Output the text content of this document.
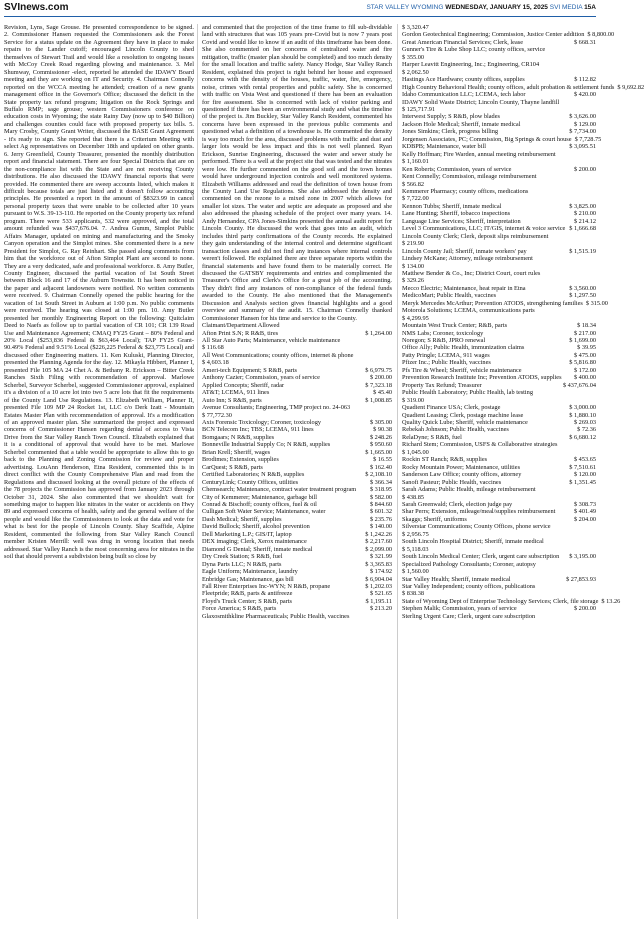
SVInews.com	STAR VALLEY WYOMING WEDNESDAY, JANUARY 15, 2025 SVI MEDIA 15A

Revision, Lyns, Sage Grouse. He presented correspondence to be signed. 2. Commissioner Hansen requested the Commissioners ask the Forest Service for a status update on the Agreement they have in place to make repairs to the Lander cutoff; encouraged Lincoln County to shed themselves of Stewart Trail and would like a resolution to ongoing issues with McCoy Creek Road regarding plowing and maintenance. 3. Mel Shumway, Commissioner -elect, reported he attended the IDAWY Board meeting and they are working on IT and Security. 4. Chairman Connelly reported on the WCCA meeting he attended; creation of a new grants management office in the Governor's Office; discussed the deficit in the State property tax refund program; litigation on the Rock Springs and Buffalo RMP; sage grouse; western Commissioners conference on education costs in Wyoming; the state Rainy Day (now up to $40 Billion) and challenges counties could face with proposed property tax bills. 5. Mary Crosby, County Grant Writer, discussed the BASE Grant Agreement - it's ready to sign. She reported that there is a Criterium Meeting with select Ag representatives on December 18th and updated on other grants. 6. Jerry Greenfield, County Treasurer, presented the monthly distribution report and financial statement. There are four Special Districts that are on the non-compliance list with the State and are not receiving County distributions. He also discussed the IDAWY financial reports that were provided. He commented there are sweep accounts listed, which makes it difficult because totals are just listed and it doesn't follow accounting principles. He presented a report in the amount of $8323.99 in cancel personal property taxes that were unable to be collected after 10 years pursuant to W.S. 39-13-110. He reported on the County property tax refund program. There were 533 applicants, 532 were approved, and the total amount refunded was $437,676.04. 7. Andrea Gumm, Simplot Public Affairs Manager, updated on mining and manufacturing and the Smoky Canyon operation and the Simplot mines. She commented there is a new President for Simplot, G. Ray Reinhart. She passed along comments from him that the workforce out of Afton Simplot Plant are second to none. They are a very dedicated, safe and professional workforce. 8. Amy Butler, County Engineer, discussed the partial vacation of 1st South Street between Block 16 and 17 of the Auburn Townsite. It has been noticed in the paper and adjacent landowners were notified. No written comments were received. 9. Chairman Connelly opened the public hearing for the vacation of 1st South Street in Auburn at 1:00 p.m. No public comments were received. The hearing was closed at 1:00 pm. 10. Amy Butler presented her monthly Engineering Report on the following: Quitclaim Deed to Naefs as follow up to partial vacation of CR 101; CR 139 Road Use and Maintenance Agreement; CMAQ FY25 Grant – 80% Federal and 20% Local ($253,836 Federal & $63,464 Local); TAP FY25 Grant- 90.49% Federal and 9.51% Local ($226,225 Federal & $23,775 Local) and discussed other Engineering matters. 11. Ken Kuluski, Planning Director, presented the Planning Agenda for the day. 12. Mikayla Hibbert, Planner I, presented File 105 MA 24 Chet A. & Bethany R. Erickson – Bitter Creek Ranches Sixth Filing with recommendation of approval. Marlowe Scherbel, Surveyor Scherbel, suggested Commissioner approval, explained it's a division of a 10 acre lot into two 5 acre lots that fit the requirements of the County Land Use Regulations. 13. Elizabeth William, Planner II, presented File 109 MP 24 Rocket 1st, LLC c/o Derk Izatt - Mountain Estates Master Plan with recommendation of approval. It's a modification of an approved master plan. She summarized the project and expressed concerns of Commissioner Hansen regarding denial of access to Vista Drive from the Star Valley Ranch Town Council. Elizabeth explained that it is a conditional of approval that would have to be met. Marlowe Scherbel commented that a table would be appropriate to allow this to go back to the Planning and Zoning Commission for review and proper advertising. LouAnn Henderson, Etna Resident, commented this is in direct conflict with the County Comprehensive Plan and read from the Regulations and discussed looking at the overall picture of the effects of the 78 projects the Commission has approved from January 2023 through October 31, 2024. She also commented that we shouldn't wait for something major to happen like nitrates in the water or accidents on Hwy 89 and expressed concerns of health, safety and the general welfare of the people and would like the Commissioners to look at the data and vote for what is best for the people of Lincoln County. Shay Scaffide, Alpine Resident, commented the following from Star Valley Ranch Council member Kristen Merrill: well was drug in wrong location that needs addressed. Star Valley Ranch is the most concerning area for nitrates in the soil that should prevent a subdivision being built so close by

and commented that the projection of the time frame to fill sub-dividable land with structures that was 105 years pre-Covid but is now 7 years post Covid and would like to know if an audit of this timeframe has been done. She also commented on her concerns of centralized water and fire mitigation, traffic (master plan should be completed) and too much density for the small location and traffic safety. Nancy Hodge, Star Valley Ranch Resident, explained this project is right behind her house and expressed concerns with the density of the houses, traffic, water, fire, emergency, noise, crimes with rental properties and public safety. She is concerned with traffic on Vista West and questioned if there has been an evaluation for fire assessment. She is concerned with lack of visitor parking and questioned if there has been an environmental study and what the timeline of the project is. Jim Buckley, Star Valley Ranch Resident, commented his concerns have been expressed in the previous public comments and questioned what a definition of a townhouse is. He commented the density is way too much for the area, discussed problems with traffic and dust and larger lots would be less impact and this is not well planned. Ryan Erickson, Sunrise Engineering, discussed the water and sewer study he performed. There is a well at the project site that was tested and the nitrates were low. He further commented on the good soil and the town homes would have underground injection controls and well monitored systems. Elizabeth Williams addressed and read the definition of town house from the County Land Use Regulations. She also addressed the density and commented on the rezone to a mixed zone in 2007 which allows for smaller lot sizes. The water and septic are adequate as proposed and she also addressed the phasing schedule of the project over many years. 14. Andy Hernandez, CPA Jones-Simkins presented the annual audit report for Lincoln County. He discussed the work that goes into an audit, which includes third party confirmations of the County records. He explained they gain understanding of the internal control and determine significant transaction classes and did not find any instances where internal controls weren't followed. He explained there are three separate reports within the financial statements and have found them to be materially correct. He discussed the GATSBY requirements and entries and complimented the Treasurer's Office and Clerk's Office for a great job of the accounting. They didn't find any instances of non-compliance of the federal funds awarded to the County. He also mentioned that the Management's Discussion and Analysis section gives financial highlights and a good overview and summary of the audit. 15. Chairman Connelly thanked Commissioner Hansen for his time and service to the County.

Claimant/Department Allowed

Afton Print S.N; R R&B, tires	$ 1,264.00
All Star Auto Parts; Maintenance, vehicle maintenance
$ 116.68
All West Communications; county offices, internet & phone
$ 4,603.18
Ameri-tech Equipment; S R&B, parts	$ 6,979.75
Anthony Cazier; Commission, years of service	$ 200.00
Applied Concepts; Sheriff, radar	$ 7,323.18
AT&T; LCEMA, 911 lines	$ 45.40
Auto Inn; S R&B, parts	$ 1,008.85
Avenue Consultants; Engineering, TMP project no. 24-063
$ 77,772.30
Axis Forensic Toxicology; Coroner, toxicology	$ 305.00
BCN Telecom Inc; TBS; LCEMA, 911 lines	$ 90.38
Bomgaars; N R&B, supplies	$ 248.26
Bonneville Industrial Supply Co; N R&B, supplies	$ 950.60
Brian Krell; Sheriff, wages	$ 1,665.00
Brodimes; Extension, supplies	$ 16.55
CarQuest; S R&B, parts	$ 162.40
Certified Laboratories; N R&B, supplies	$ 2,108.10
CenturyLink; County Offices, utilities	$ 366.34
Chemsearch; Maintenance, contract water treatment program $ 318.95
City of Kemmerer; Maintenance, garbage bill	$ 582.00
Conrad & Bischoff; county offices, fuel & oil	$ 844.60
Culligan Soft Water Service; Maintenance, water	$ 601.32
Dash Medical; Sheriff, supplies	$ 235.76
David Bullock; Sheriff, alcohol prevention	$ 140.00
Dell Marketing L.P.; GIS/IT, laptop	$ 1,242.26
DEX imaging; Clerk, Xerox maintenance	$ 2,217.60
Diamond G Dental; Sheriff, inmate medical	$ 2,099.00
Dry Creek Station; S R&B, fuel	$ 321.99
Dyna Parts LLC; N R&B, parts	$ 3,365.83
Eagle Uniform; Maintenance, laundry	$ 174.92
Enbridge Gas; Maintenance, gas bill	$ 6,904.04
Fall River Enterprises Inc-WYN; N R&B, propane	$ 1,202.03
Fleetpride; R&B, parts & antifreeze	$ 521.65
Floyd's Truck Center; S R&B, parts	$ 1,195.11
Force America; S R&B, parts	$ 213.20
Glaxosmithkline Pharmaceuticals; Public Health, vaccines
$ 3,320.47
Gordon Geotechnical Engineering; Commission, Justice Center addition $ 8,800.00
Great American Financial Services; Clerk, lease	$ 668.31
Gunner's Tire & Lube Shop LLC; county offices, service
$ 355.00
Harper Leavitt Engineering, Inc.; Engineering, CR104
$ 2,062.50
Hastings Ace Hardware; county offices, supplies	$ 112.82
High Country Behavioral Health; county offices, adult probation & settlement funds $ 9,692.82
Idaho Communication LLC; LCEMA, tech labor	$ 420.00
IDAWY Solid Waste District; Lincoln County, Thayne landfill
$ 125,717.91
Interwest Supply; S R&B, plow blades	$ 3,626.00
Jackson Hole Medical; Sheriff, inmate medical	$ 129.00
Jones Simkins; Clerk, progress billing	$ 7,734.00
Jorgensen Associates, PC; Commission, Big Springs & court house $ 7,728.75
KDBPB; Maintenance, water bill	$ 3,095.51
Kelly Hoffman; Fire Warden, annual meeting reimbursement
$ 1,160.01
Ken Roberts; Commission, years of service	$ 200.00
Kent Connelly; Commission, mileage reimbursement
$ 566.82
Kemmerer Pharmacy; county offices, medications
$ 7,722.00
Kennon Tubbs; Sheriff, inmate medical	$ 3,825.00
Lane Hunting; Sheriff, tobacco inspections	$ 210.00
Language Line Services; Sheriff, interpretation	$ 214.12
Level 3 Communications, LLC; IT/GIS, internet & voice service $ 1,666.68
Lincoln County Clerk; Clerk, deposit slips reimbursement
$ 219.90
Lincoln County Jail; Sheriff, inmate workers' pay	$ 1,515.19
Lindsey McKane; Attorney, mileage reimbursement
$ 134.00
Matthew Bender & Co., Inc; District Court, court rules
$ 329.26
Mecco Electric; Maintenance, heat repair in Etna	$ 3,560.00
MedicoMart; Public Health, vaccines	$ 1,297.50
Meryk Mercedes McArthur; Prevention ATODS, strengthening families $ 315.00
Motorola Solutions; LCEMA, communications parts
$ 4,299.95
Mountain West Truck Center; R&B, parts	$ 18.34
NMS Labs; Coroner, toxicology	$ 217.00
Noregon; S R&B, JPRO renewal	$ 1,699.00
Office Ally; Public Health, immunization claims	$ 39.95
Patty Pringle; LCEMA, 911 wages	$ 475.00
Pfizer Inc.; Public Health, vaccines	$ 5,816.80
Pfs Tire & Wheel; Sheriff, vehicle maintenance	$ 172.00
Prevention Research Institute Inc; Prevention ATODS, supplies $ 400.00
Property Tax Refund; Treasurer	$ 437,676.04
Public Health Laboratory; Public Health, lab testing
$ 319.00
Quadient Finance USA; Clerk, postage	$ 3,000.00
Quadient Leasing; Clerk, postage machine lease	$ 1,880.10
Quality Quick Lube; Sheriff, vehicle maintenance	$ 269.03
Rebekah Johnson; Public Health, vaccines	$ 72.36
RelaDyne; S R&B, fuel	$ 6,680.12
Richard Stem; Commission, USFS & Collaborative strategies
$ 1,045.00
Rockin ST Ranch; R&B, supplies	$ 453.65
Rocky Mountain Power; Maintenance, utilities	$ 7,510.61
Sanderson Law Office; county offices, attorney	$ 120.00
Sanofi Pasteur; Public Health, vaccines	$ 1,351.45
Sarah Adams; Public Health, mileage reimbursement
$ 438.85
Sarah Greenwald; Clerk, election judge pay	$ 308.73
Shar Perrs; Extension, mileage/meal/supplies reimbursement	$ 401.49
Skaggs; Sheriff, uniforms	$ 204.00
Silverstar Communications; County Offices, phone service
$ 2,956.75
South Lincoln Hospital District; Sheriff, inmate medical
$ 5,118.03
South Lincoln Medical Center; Clerk, urgent care subscription $ 3,195.00
Specialized Pathology Consultants; Coroner, autopsy
$ 1,560.00
Star Valley Health; Sheriff, inmate medical	$ 27,853.93
Star Valley Independent; county offices, publications
$ 838.38
State of Wyoming Dept of Enterprise Technology Services; Clerk, file storage $ 13.26
Stephen Malik; Commission, years of service	$ 200.00
Sterling Urgent Care; Clerk, urgent care subscription
